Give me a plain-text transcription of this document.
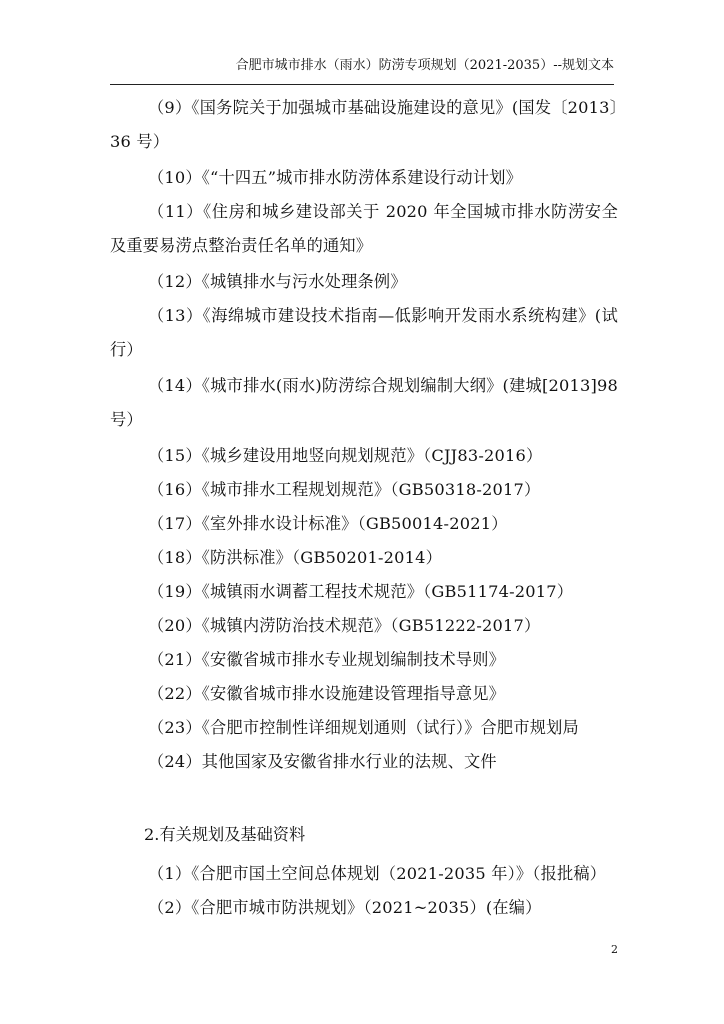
合肥市城市排水（雨水）防涝专项规划（2021-2035）--规划文本
（9）《国务院关于加强城市基础设施建设的意见》(国发〔2013〕36 号）
（10）《“十四五”城市排水防涝体系建设行动计划》
（11）《住房和城乡建设部关于 2020 年全国城市排水防涝安全及重要易涝点整治责任名单的通知》
（12）《城镇排水与污水处理条例》
（13）《海绵城市建设技术指南—低影响开发雨水系统构建》(试行）
（14）《城市排水(雨水)防涝综合规划编制大纲》(建城[2013]98 号）
（15）《城乡建设用地竖向规划规范》（CJJ83-2016）
（16）《城市排水工程规划规范》（GB50318-2017）
（17）《室外排水设计标准》（GB50014-2021）
（18）《防洪标准》（GB50201-2014）
（19）《城镇雨水调蓄工程技术规范》（GB51174-2017）
（20）《城镇内涝防治技术规范》（GB51222-2017）
（21）《安徽省城市排水专业规划编制技术导则》
（22）《安徽省城市排水设施建设管理指导意见》
（23）《合肥市控制性详细规划通则（试行）》合肥市规划局
（24）其他国家及安徽省排水行业的法规、文件
2.有关规划及基础资料
（1）《合肥市国土空间总体规划（2021-2035 年）》（报批稿）
（2）《合肥市城市防洪规划》（2021~2035）(在编）
2
